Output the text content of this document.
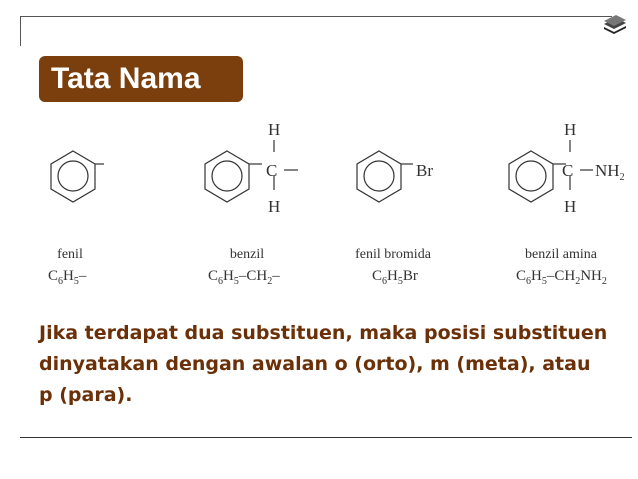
Tata Nama
H
C
H
Br
H
C
H
$NH_2$
fenil	benzil	fenil bromida	benzil amina
$C_6H_5-$	$C_6H_5-CH_2-$	$C_6H_5Br$	$C_6H_5-CH_2NH_2$

Jika terdapat dua substituen, maka posisi substituen dinyatakan dengan awalan o (orto), m (meta), atau p (para).
